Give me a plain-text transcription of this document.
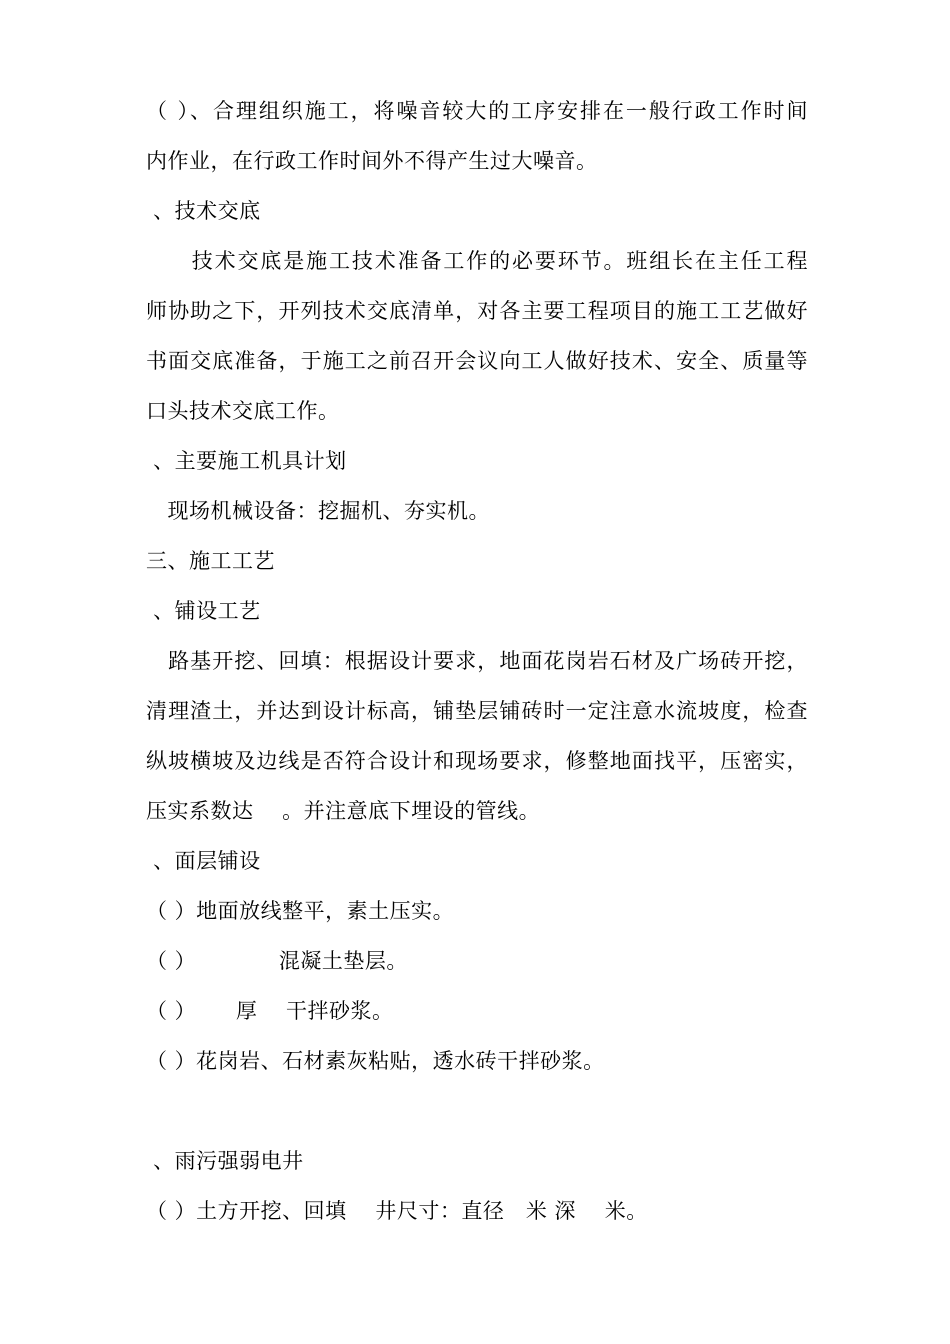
（ ）、合理组织施工，将噪音较大的工序安排在一般行政工作时间
内作业，在行政工作时间外不得产生过大噪音。
、技术交底
　　技术交底是施工技术准备工作的必要环节。班组长在主任工程
师协助之下，开列技术交底清单，对各主要工程项目的施工工艺做好
书面交底准备，于施工之前召开会议向工人做好技术、安全、质量等
口头技术交底工作。
、主要施工机具计划
　现场机械设备：挖掘机、夯实机。
三、施工工艺
、铺设工艺
　路基开挖、回填：根据设计要求，地面花岗岩石材及广场砖开挖，
清理渣土，并达到设计标高，铺垫层铺砖时一定注意水流坡度，检查
纵坡横坡及边线是否符合设计和现场要求，修整地面找平，压密实，
压实系数达　 。并注意底下埋设的管线。
、面层铺设
（ ）地面放线整平，素土压实。
（ ）　　　　 混凝土垫层。
（ ）　　 厚　 干拌砂浆。
（ ）花岗岩、石材素灰粘贴，透水砖干拌砂浆。
、雨污强弱电井
（ ）土方开挖、回填　 井尺寸：直径　米 深　 米。
